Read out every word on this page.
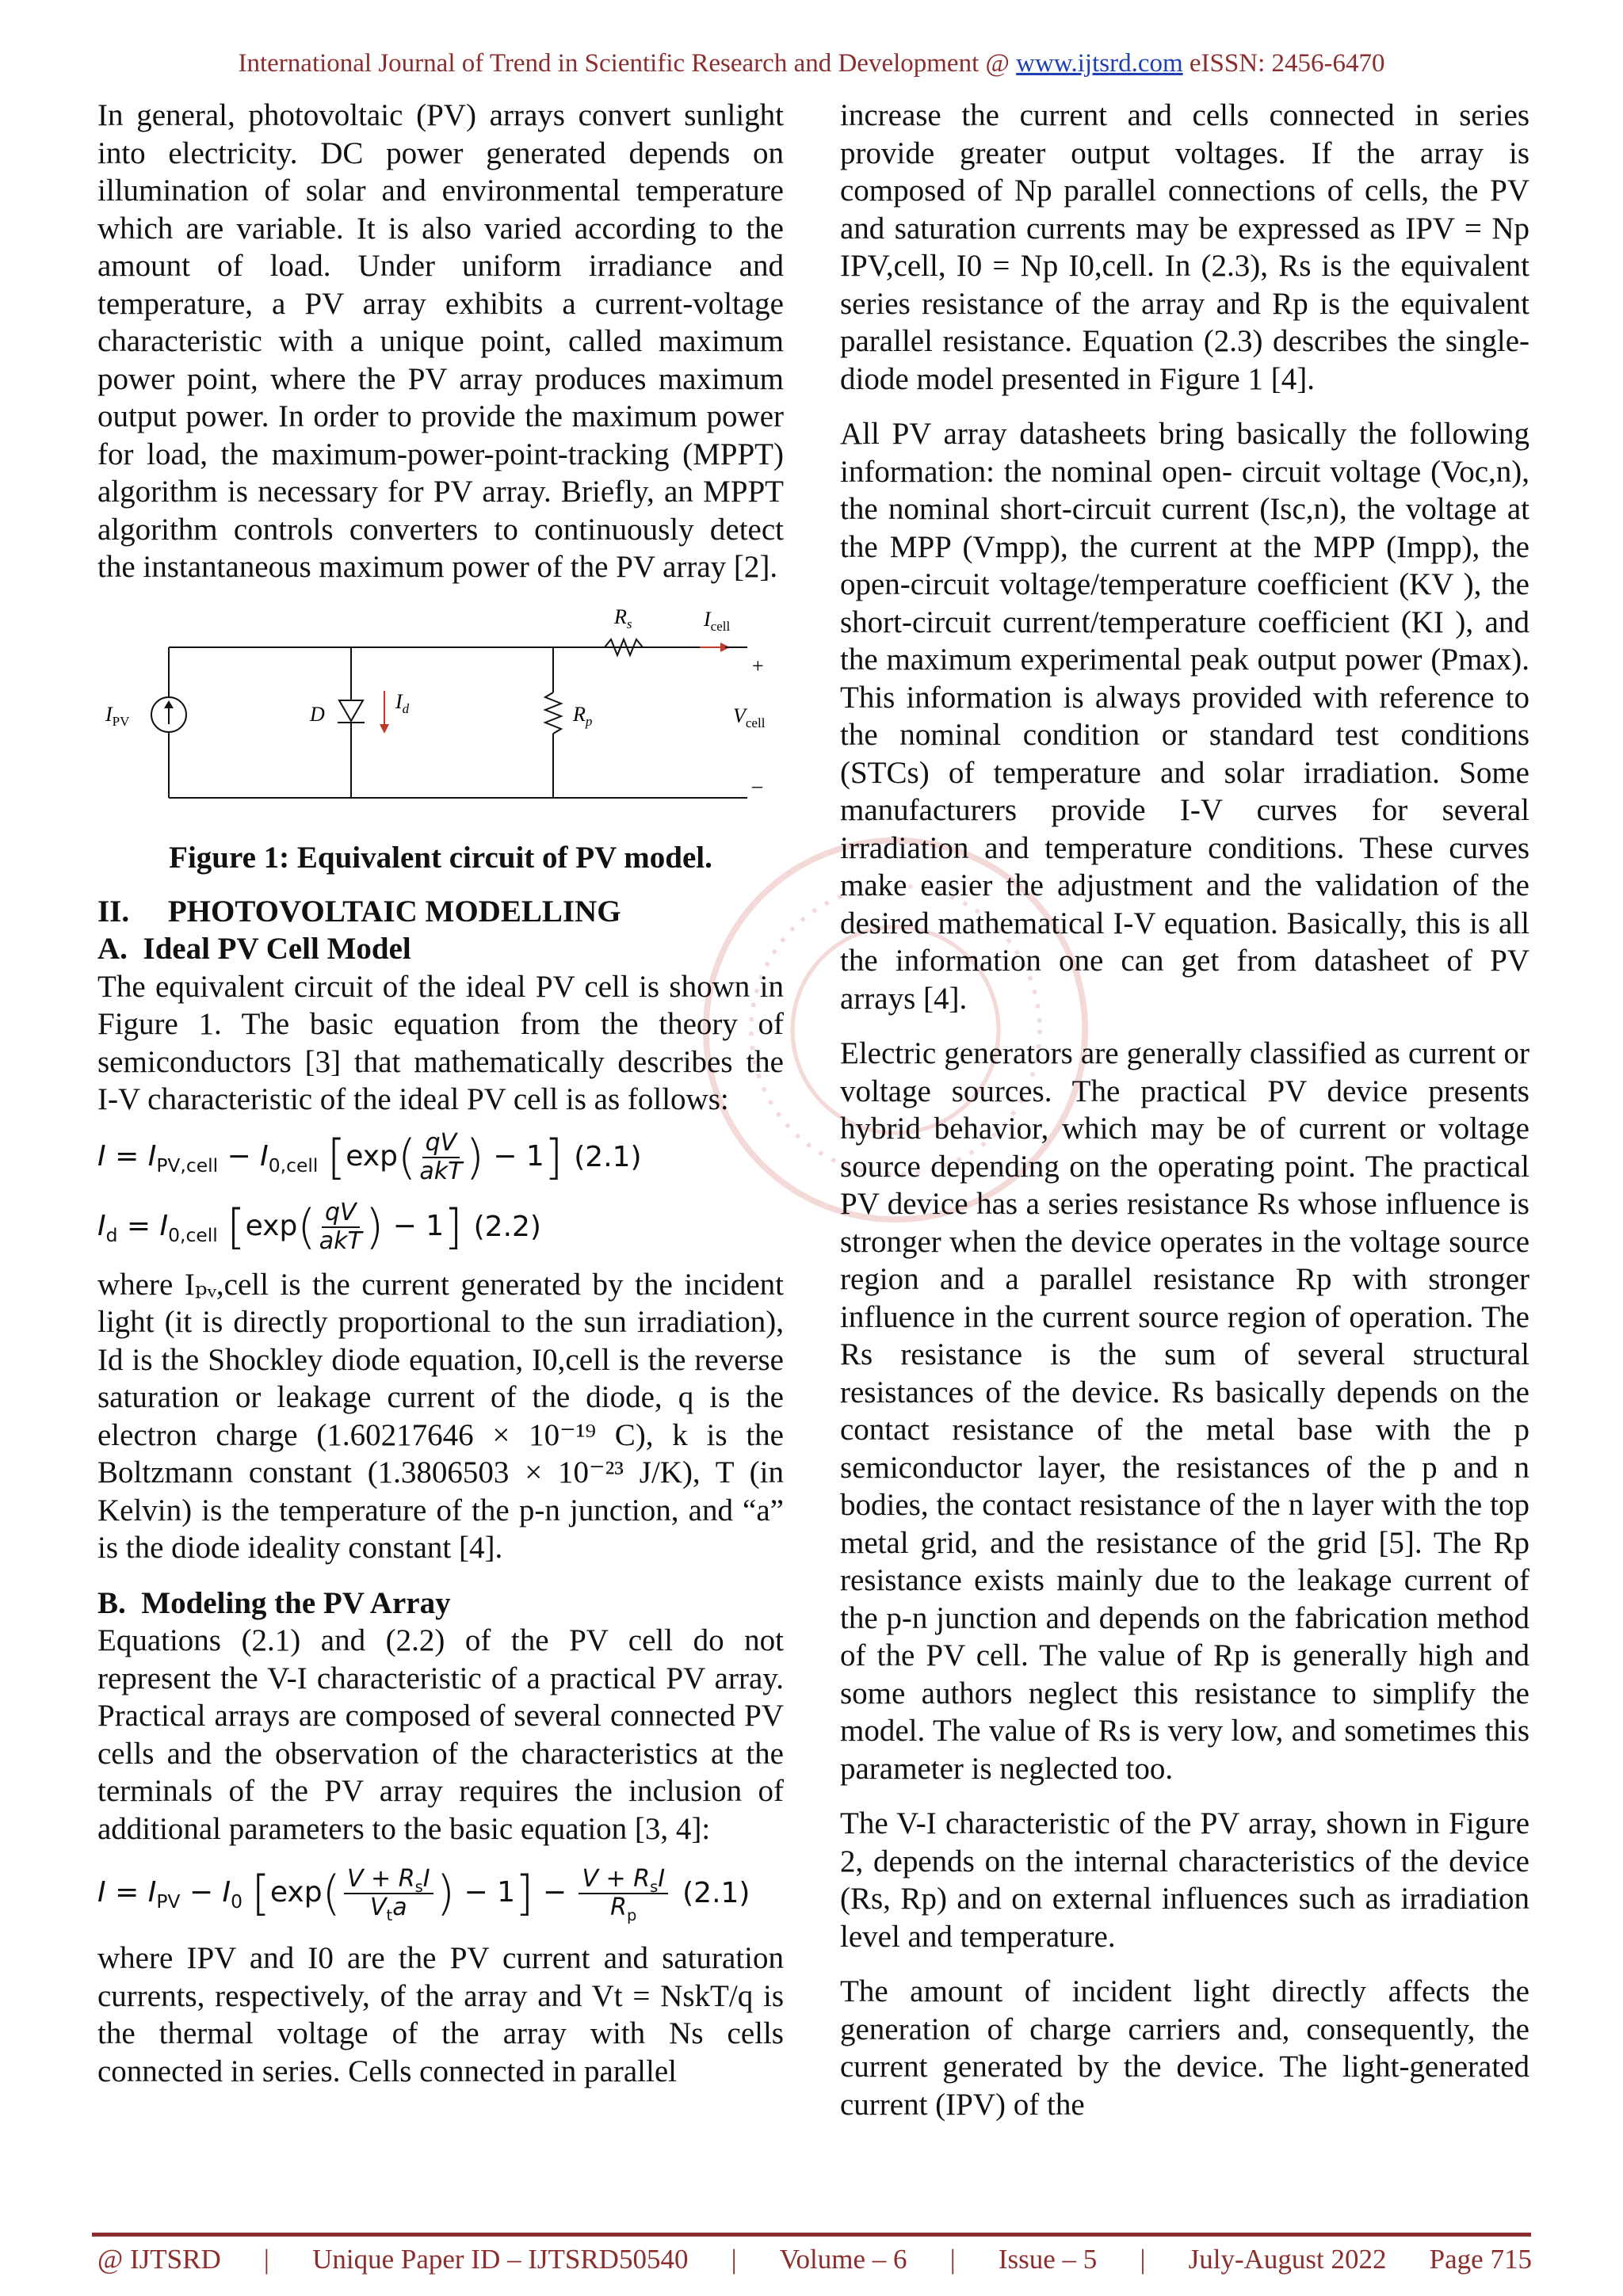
International Journal of Trend in Scientific Research and Development @ www.ijtsrd.com eISSN: 2456-6470

In general, photovoltaic (PV) arrays convert sunlight into electricity. DC power generated depends on illumination of solar and environmental temperature which are variable. It is also varied according to the amount of load. Under uniform irradiance and temperature, a PV array exhibits a current-voltage characteristic with a unique point, called maximum power point, where the PV array produces maximum output power. In order to provide the maximum power for load, the maximum-power-point-tracking (MPPT) algorithm is necessary for PV array. Briefly, an MPPT algorithm controls converters to continuously detect the instantaneous maximum power of the PV array [2].

$R_s$	$I_{cell}$
+
–
$I_{PV}$	D
$I_d$	$R_p$	$V_{cell}$

Figure 1: Equivalent circuit of PV model.

II.     PHOTOVOLTAIC MODELLING

A.  Ideal PV Cell Model

The equivalent circuit of the ideal PV cell is shown in Figure 1. The basic equation from the theory of semiconductors [3] that mathematically describes the I-V characteristic of the ideal PV cell is as follows:

$I = I_{PV,cell} - I_{0,cell}$ [$\exp( \frac{qV}{\text{akT}}$ ) − 1] (2.1)
$I_d = I_{0,cell}$ [$\exp( \frac{qV}{\text{akT}}$ ) − 1] (2.2)

where Iₚᵥ,cell is the current generated by the incident light (it is directly proportional to the sun irradiation), Id is the Shockley diode equation, I0,cell is the reverse saturation or leakage current of the diode, q is the electron charge (1.60217646 × 10⁻¹⁹ C), k is the Boltzmann constant (1.3806503 × 10⁻²³ J/K), T (in Kelvin) is the temperature of the p-n junction, and “a” is the diode ideality constant [4].

B.  Modeling the PV Array

Equations (2.1) and (2.2) of the PV cell do not represent the V-I characteristic of a practical PV array. Practical arrays are composed of several connected PV cells and the observation of the characteristics at the terminals of the PV array requires the inclusion of additional parameters to the basic equation [3, 4]:

$I = I_{PV} - I_0$ [$\exp( \frac{V + R_sI}{V_ta}$ ) − $1] - \frac{V + R_sI}{R_p} (2.1)$

where IPV and I0 are the PV current and saturation currents, respectively, of the array and Vt = NskT/q is the thermal voltage of the array with Ns cells connected in series. Cells connected in parallel

increase the current and cells connected in series provide greater output voltages. If the array is composed of Np parallel connections of cells, the PV and saturation currents may be expressed as IPV = Np IPV,cell, I0 = Np I0,cell. In (2.3), Rs is the equivalent series resistance of the array and Rp is the equivalent parallel resistance. Equation (2.3) describes the single-diode model presented in Figure 1 [4].

All PV array datasheets bring basically the following information: the nominal open- circuit voltage (Voc,n), the nominal short-circuit current (Isc,n), the voltage at the MPP (Vmpp), the current at the MPP (Impp), the open-circuit voltage/temperature coefficient (KV ), the short-circuit current/temperature coefficient (KI ), and the maximum experimental peak output power (Pmax). This information is always provided with reference to the nominal condition or standard test conditions (STCs) of temperature and solar irradiation. Some manufacturers provide I-V curves for several irradiation and temperature conditions. These curves make easier the adjustment and the validation of the desired mathematical I-V equation. Basically, this is all the information one can get from datasheet of PV arrays [4].

Electric generators are generally classified as current or voltage sources. The practical PV device presents hybrid behavior, which may be of current or voltage source depending on the operating point. The practical PV device has a series resistance Rs whose influence is stronger when the device operates in the voltage source region and a parallel resistance Rp with stronger influence in the current source region of operation. The Rs resistance is the sum of several structural resistances of the device. Rs basically depends on the contact resistance of the metal base with the p semiconductor layer, the resistances of the p and n bodies, the contact resistance of the n layer with the top metal grid, and the resistance of the grid [5]. The Rp resistance exists mainly due to the leakage current of the p-n junction and depends on the fabrication method of the PV cell. The value of Rp is generally high and some authors neglect this resistance to simplify the model. The value of Rs is very low, and sometimes this parameter is neglected too.

The V-I characteristic of the PV array, shown in Figure 2, depends on the internal characteristics of the device (Rs, Rp) and on external influences such as irradiation level and temperature.

The amount of incident light directly affects the generation of charge carriers and, consequently, the current generated by the device. The light-generated current (IPV) of the

@ IJTSRD | Unique Paper ID – IJTSRD50540 | Volume – 6 | Issue – 5 | July-August 2022 Page 715
